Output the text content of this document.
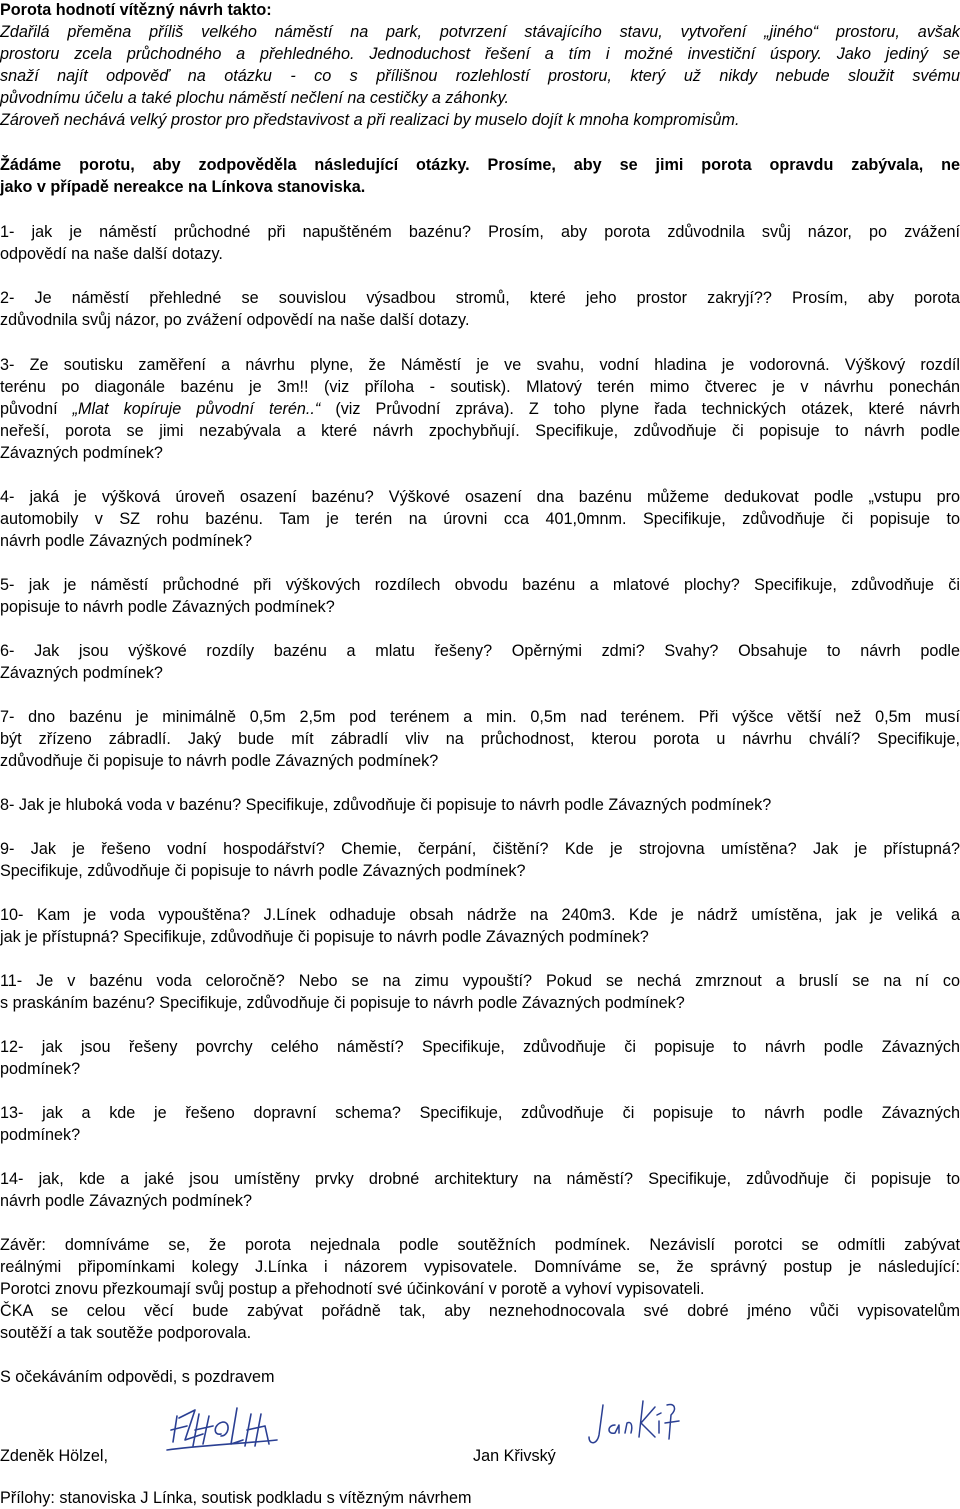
Porota hodnotí vítězný návrh takto:

Zdařilá přeměna příliš velkého náměstí na park, potvrzení stávajícího stavu, vytvoření „jiného“ prostoru, avšak

prostoru zcela průchodného a přehledného. Jednoduchost řešení a tím i možné investiční úspory. Jako jediný se

snaží najít odpověď na otázku - co s přílišnou rozlehlostí prostoru, který už nikdy nebude sloužit svému

původnímu účelu a také plochu náměstí nečlení na cestičky a záhonky.

Zároveň nechává velký prostor pro představivost a při realizaci by muselo dojít k mnoha kompromisům.

Žádáme porotu, aby zodpověděla následující otázky. Prosíme, aby se jimi porota opravdu zabývala, ne

jako v případě nereakce na Línkova stanoviska.

1- jak je náměstí průchodné při napuštěném bazénu? Prosím, aby porota zdůvodnila svůj názor, po zvážení

odpovědí na naše další dotazy.

2- Je náměstí přehledné se souvislou výsadbou stromů, které jeho prostor zakryjí?? Prosím, aby porota

zdůvodnila svůj názor, po zvážení odpovědí na naše další dotazy.

3- Ze soutisku zaměření a návrhu plyne, že Náměstí je ve svahu, vodní hladina je vodorovná. Výškový rozdíl

terénu po diagonále bazénu je 3m!! (viz příloha - soutisk). Mlatový terén mimo čtverec je v návrhu ponechán

původní „Mlat kopíruje původní terén..“ (viz Průvodní zpráva). Z toho plyne řada technických otázek, které návrh

neřeší, porota se jimi nezabývala a které návrh zpochybňují. Specifikuje, zdůvodňuje či popisuje to návrh podle

Závazných podmínek?

4- jaká je výšková úroveň osazení bazénu? Výškové osazení dna bazénu můžeme dedukovat podle „vstupu pro

automobily v SZ rohu bazénu. Tam je terén na úrovni cca 401,0mnm. Specifikuje, zdůvodňuje či popisuje to

návrh podle Závazných podmínek?

5- jak je náměstí průchodné při výškových rozdílech obvodu bazénu a mlatové plochy? Specifikuje, zdůvodňuje či

popisuje to návrh podle Závazných podmínek?

6- Jak jsou výškové rozdíly bazénu a mlatu řešeny? Opěrnými zdmi? Svahy? Obsahuje to návrh podle

Závazných podmínek?

7- dno bazénu je minimálně 0,5m 2,5m pod terénem a min. 0,5m nad terénem. Při výšce větší než 0,5m musí

být zřízeno zábradlí. Jaký bude mít zábradlí vliv na průchodnost, kterou porota u návrhu chválí? Specifikuje,

zdůvodňuje či popisuje to návrh podle Závazných podmínek?

8- Jak je hluboká voda v bazénu? Specifikuje, zdůvodňuje či popisuje to návrh podle Závazných podmínek?

9- Jak je řešeno vodní hospodářství? Chemie, čerpání, čištění? Kde je strojovna umístěna? Jak je přístupná?

Specifikuje, zdůvodňuje či popisuje to návrh podle Závazných podmínek?

10- Kam je voda vypouštěna? J.Línek odhaduje obsah nádrže na 240m3. Kde je nádrž umístěna, jak je veliká a

jak je přístupná? Specifikuje, zdůvodňuje či popisuje to návrh podle Závazných podmínek?

11- Je v bazénu voda celoročně? Nebo se na zimu vypouští? Pokud se nechá zmrznout a bruslí se na ní co

s praskáním bazénu? Specifikuje, zdůvodňuje či popisuje to návrh podle Závazných podmínek?

12- jak jsou řešeny povrchy celého náměstí? Specifikuje, zdůvodňuje či popisuje to návrh podle Závazných

podmínek?

13- jak a kde je řešeno dopravní schema? Specifikuje, zdůvodňuje či popisuje to návrh podle Závazných

podmínek?

14- jak, kde a jaké jsou umístěny prvky drobné architektury na náměstí? Specifikuje, zdůvodňuje či popisuje to

návrh podle Závazných podmínek?

Závěr: domníváme se, že porota nejednala podle soutěžních podmínek. Nezávislí porotci se odmítli zabývat

reálnými připomínkami kolegy J.Línka i názorem vypisovatele. Domníváme se, že správný postup je následující:

Porotci znovu přezkoumají svůj postup a přehodnotí své účinkování v porotě a vyhoví vypisovateli.

ČKA se celou věcí bude zabývat pořádně tak, aby neznehodnocovala své dobré jméno vůči vypisovatelům

soutěží a tak soutěže podporovala.

S očekáváním odpovědi, s pozdravem

Zdeněk Hölzel,	Jan Křivský

Přílohy: stanoviska J Línka, soutisk podkladu s vítězným návrhem
